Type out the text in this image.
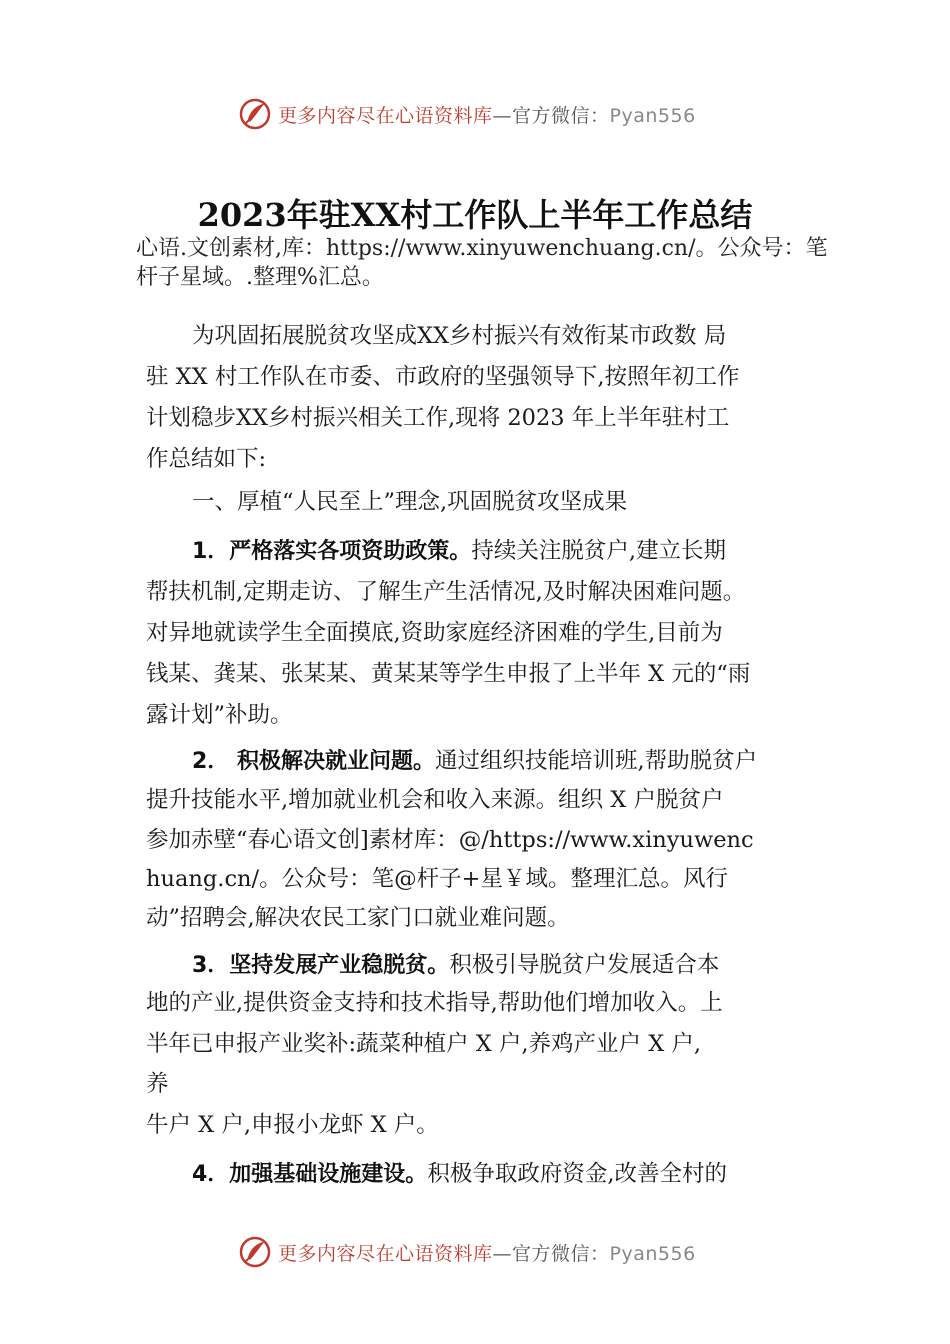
更多内容尽在心语资料库—官方微信：Pyan556
2023年驻XX村工作队上半年工作总结
心语.文创素材,库：https://www.xinyuwenchuang.cn/。公众号：笔杆子星域。.整理%汇总。
为巩固拓展脱贫攻坚成XX乡村振兴有效衔某市政数 局
驻 XX 村工作队在市委、市政府的坚强领导下,按照年初工作
计划稳步XX乡村振兴相关工作,现将 2023 年上半年驻村工
作总结如下:
一、厚植“人民至上”理念,巩固脱贫攻坚成果
1．严格落实各项资助政策。持续关注脱贫户,建立长期
帮扶机制,定期走访、了解生产生活情况,及时解决困难问题。
对异地就读学生全面摸底,资助家庭经济困难的学生,目前为
钱某、龚某、张某某、黄某某等学生申报了上半年 X 元的“雨
露计划”补助。
2． 积极解决就业问题。通过组织技能培训班,帮助脱贫户
提升技能水平,增加就业机会和收入来源。组织 X 户脱贫户
参加赤壁“春心语文创]素材库：@/https://www.xinyuwenc
huang.cn/。公众号：笔@杆子+星￥域。整理汇总。风行
动”招聘会,解决农民工家门口就业难问题。
3．坚持发展产业稳脱贫。积极引导脱贫户发展适合本
地的产业,提供资金支持和技术指导,帮助他们增加收入。上
半年已申报产业奖补:蔬菜种植户 X 户,养鸡产业户 X 户,
养
牛户 X 户,申报小龙虾 X 户。
4．加强基础设施建设。积极争取政府资金,改善全村的
更多内容尽在心语资料库—官方微信：Pyan556
